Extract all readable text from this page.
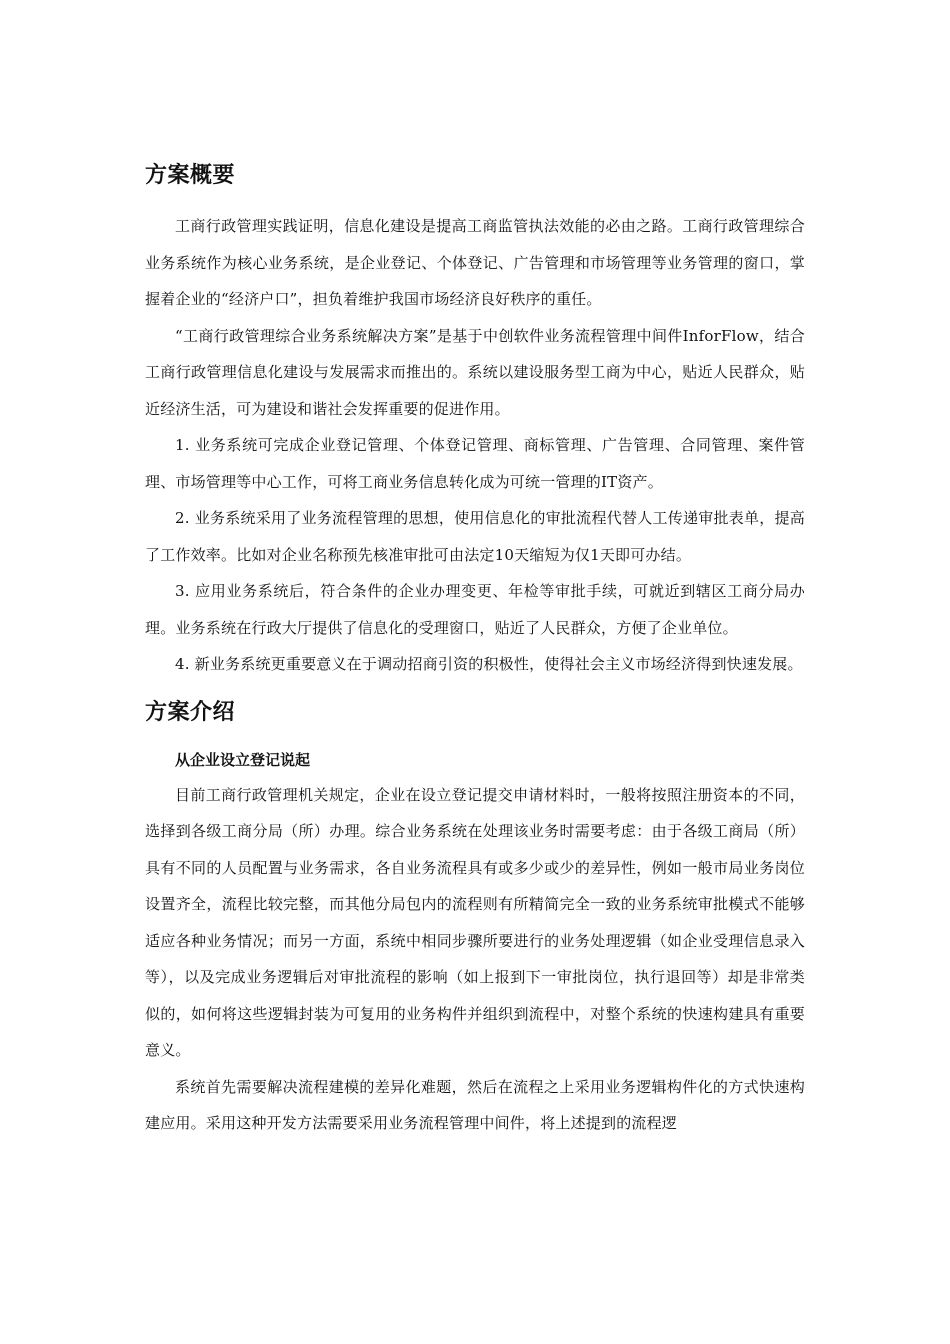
方案概要

工商行政管理实践证明，信息化建设是提高工商监管执法效能的必由之路。工商行政管理综合业务系统作为核心业务系统，是企业登记、个体登记、广告管理和市场管理等业务管理的窗口，掌握着企业的“经济户口”，担负着维护我国市场经济良好秩序的重任。

“工商行政管理综合业务系统解决方案”是基于中创软件业务流程管理中间件InforFlow，结合工商行政管理信息化建设与发展需求而推出的。系统以建设服务型工商为中心，贴近人民群众，贴近经济生活，可为建设和谐社会发挥重要的促进作用。

1. 业务系统可完成企业登记管理、个体登记管理、商标管理、广告管理、合同管理、案件管理、市场管理等中心工作，可将工商业务信息转化成为可统一管理的IT资产。

2. 业务系统采用了业务流程管理的思想，使用信息化的审批流程代替人工传递审批表单，提高了工作效率。比如对企业名称预先核准审批可由法定10天缩短为仅1天即可办结。

3. 应用业务系统后，符合条件的企业办理变更、年检等审批手续，可就近到辖区工商分局办理。业务系统在行政大厅提供了信息化的受理窗口，贴近了人民群众，方便了企业单位。

4. 新业务系统更重要意义在于调动招商引资的积极性，使得社会主义市场经济得到快速发展。

方案介绍
从企业设立登记说起

目前工商行政管理机关规定，企业在设立登记提交申请材料时，一般将按照注册资本的不同，选择到各级工商分局（所）办理。综合业务系统在处理该业务时需要考虑：由于各级工商局（所）具有不同的人员配置与业务需求，各自业务流程具有或多少或少的差异性，例如一般市局业务岗位设置齐全，流程比较完整，而其他分局包内的流程则有所精简完全一致的业务系统审批模式不能够适应各种业务情况；而另一方面，系统中相同步骤所要进行的业务处理逻辑（如企业受理信息录入等），以及完成业务逻辑后对审批流程的影响（如上报到下一审批岗位，执行退回等）却是非常类似的，如何将这些逻辑封装为可复用的业务构件并组织到流程中，对整个系统的快速构建具有重要意义。

系统首先需要解决流程建模的差异化难题，然后在流程之上采用业务逻辑构件化的方式快速构建应用。采用这种开发方法需要采用业务流程管理中间件，将上述提到的流程逻
